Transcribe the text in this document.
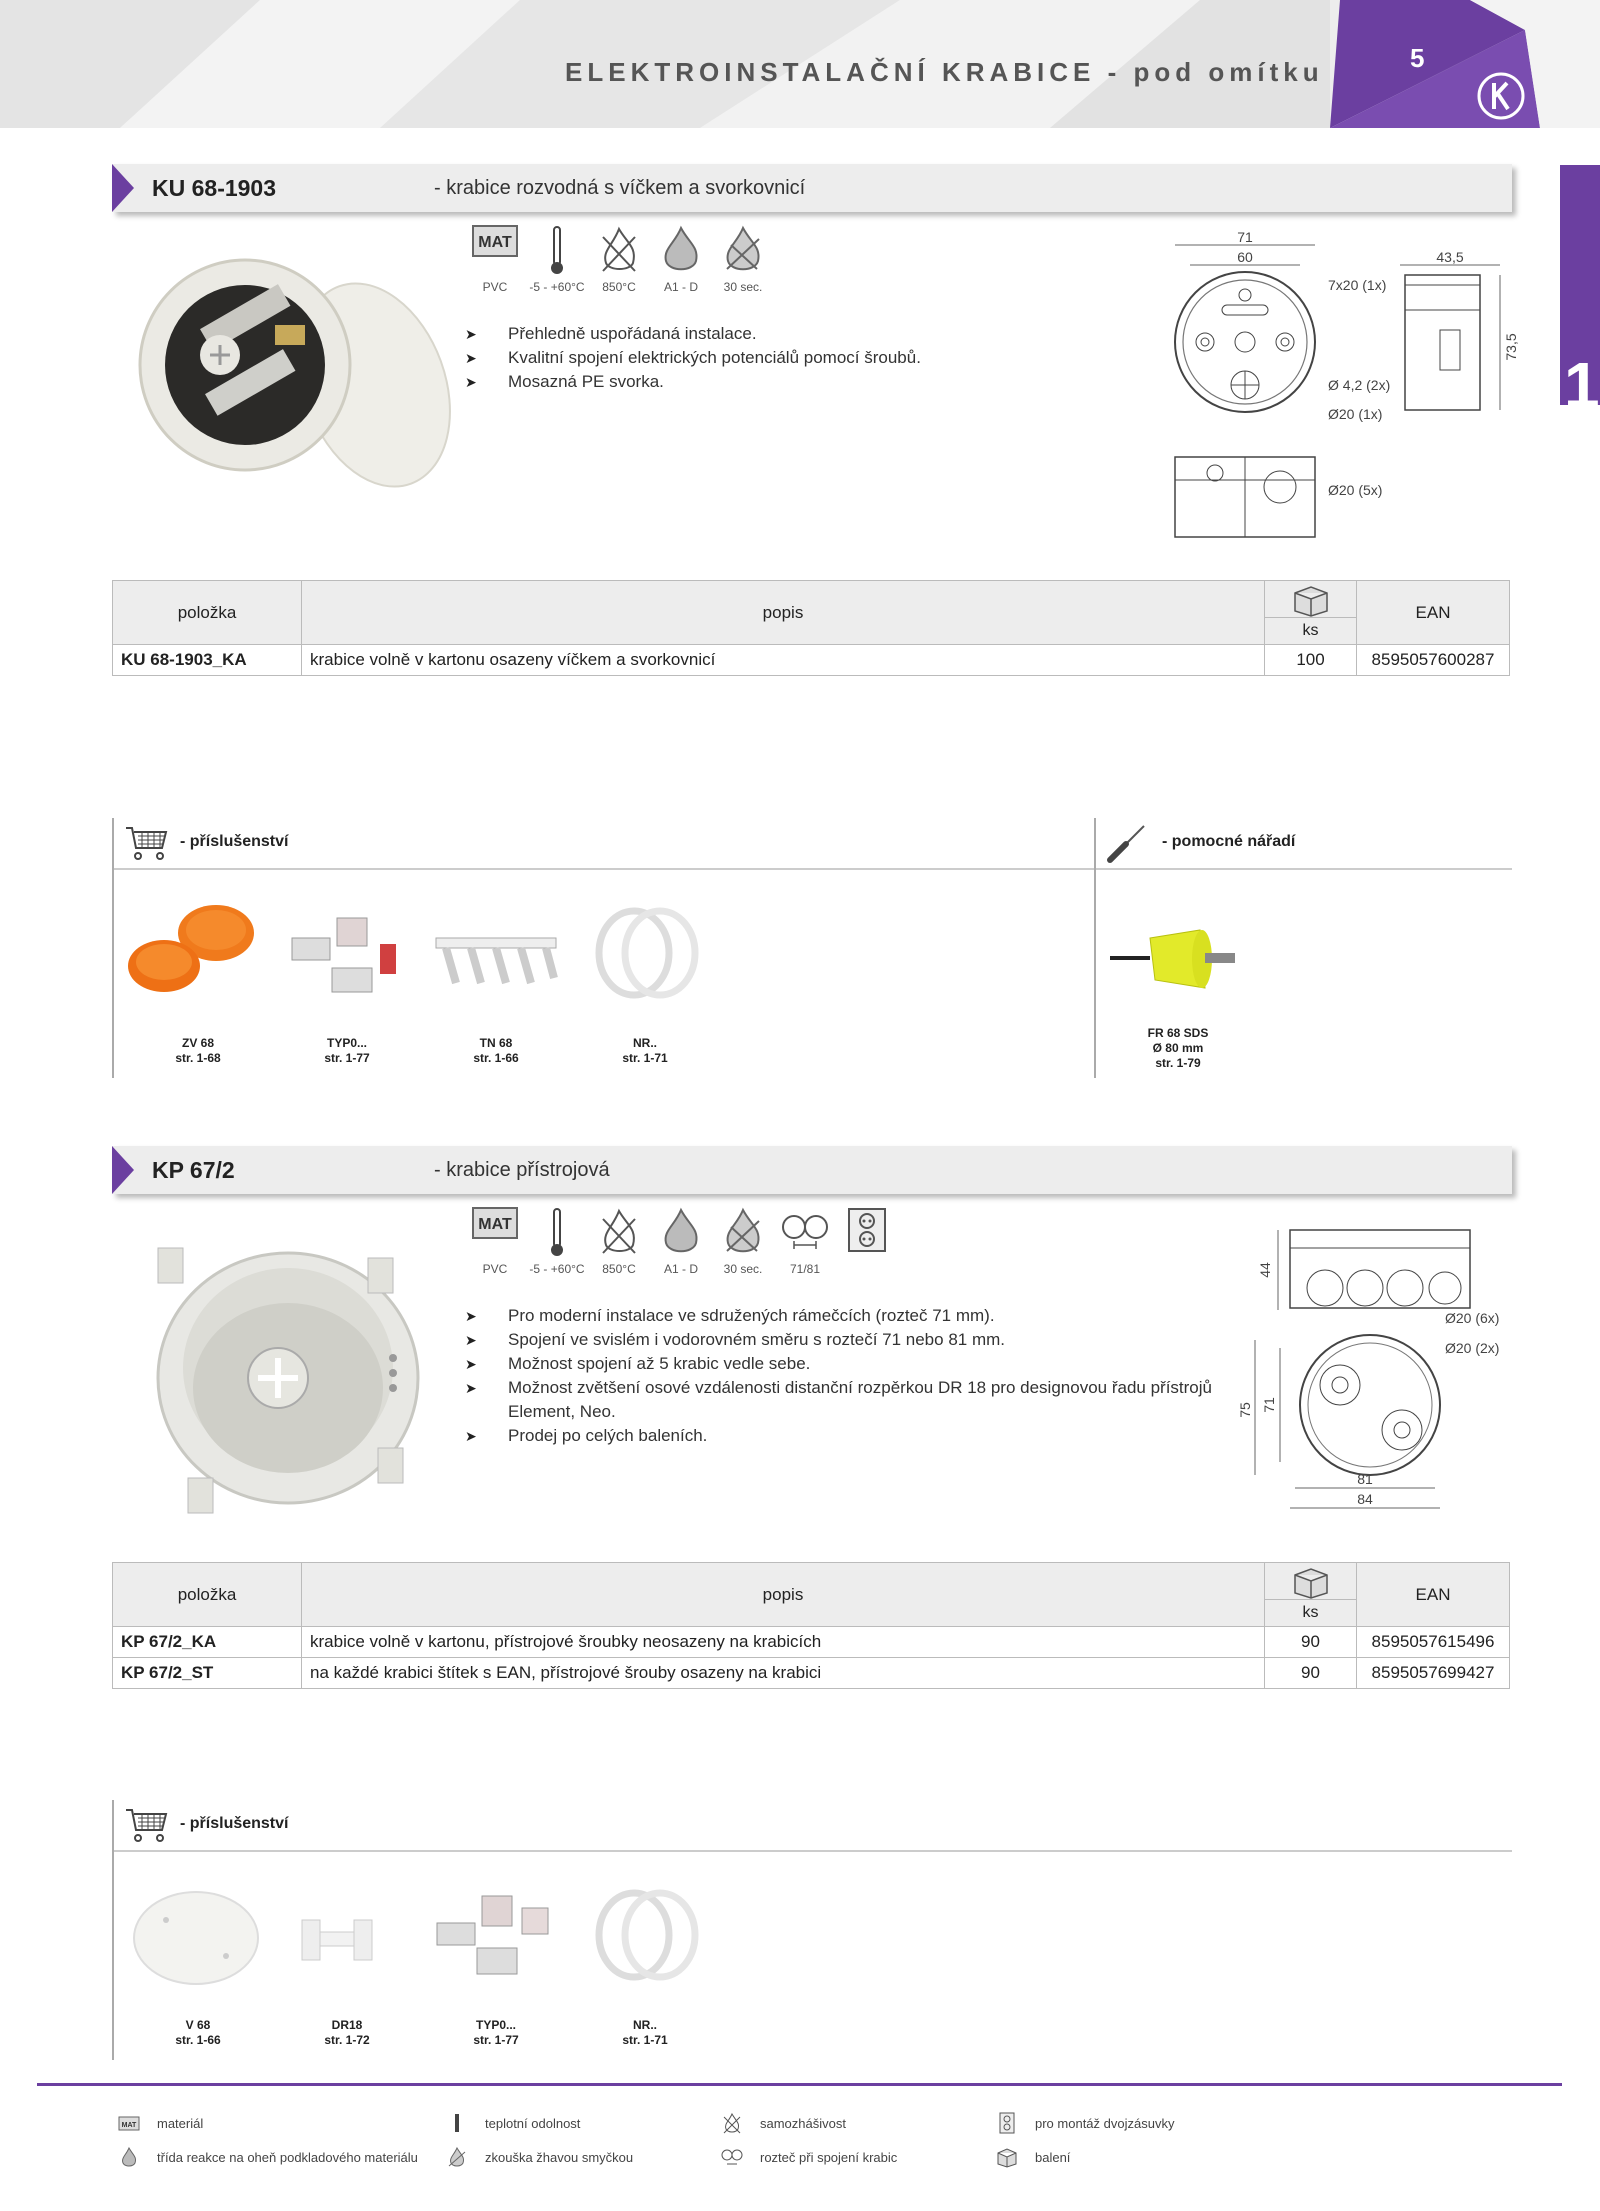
ELEKTROINSTALAČNÍ KRABICE - pod omítku	5
1
KU 68-1903	- krabice rozvodná s víčkem a svorkovnicí
MAT
PVC	-5 - +60°C	850°C	A1 - D	30 sec.
➤ Přehledně uspořádaná instalace.
➤ Kvalitní spojení elektrických potenciálů pomocí šroubů.
➤ Mosazná PE svorka.
71
60
7x20 (1x)
Ø 4,2 (2x)
Ø20 (1x)
43,5
73,5
Ø20 (5x)
položka	popis	ks	EAN
KU 68-1903_KA	krabice volně v kartonu osazeny víčkem a svorkovnicí	100	8595057600287
- příslušenství
ZV 68
str. 1-68
TYP0...
str. 1-77
TN 68
str. 1-66
NR..
str. 1-71
- pomocné nářadí
FR 68 SDS
Ø 80 mm
str. 1-79
KP 67/2	- krabice přístrojová
MAT
PVC	-5 - +60°C	850°C	A1 - D	30 sec.	71/81
➤ Pro moderní instalace ve sdružených rámečcích (rozteč 71 mm).
➤ Spojení ve svislém i vodorovném směru s roztečí 71 nebo 81 mm.
➤ Možnost spojení až 5 krabic vedle sebe.
➤ Možnost zvětšení osové vzdálenosti distanční rozpěrkou DR 18 pro designovou řadu přístrojů Element, Neo.
➤ Prodej po celých baleních.
44
Ø20 (6x)
Ø20 (2x)
75 71
81
84
položka	popis	ks	EAN
KP 67/2_KA	krabice volně v kartonu, přístrojové šroubky neosazeny na krabicích	90	8595057615496
KP 67/2_ST	na každé krabici štítek s EAN, přístrojové šrouby osazeny na krabici	90	8595057699427
- příslušenství
V 68
str. 1-66
DR18
str. 1-72
TYP0...
str. 1-77
NR..
str. 1-71
MAT materiál	teplotní odolnost	samozhášivost	pro montáž dvojzásuvky
třída reakce na oheň podkladového materiálu	zkouška žhavou smyčkou	rozteč při spojení krabic	balení
